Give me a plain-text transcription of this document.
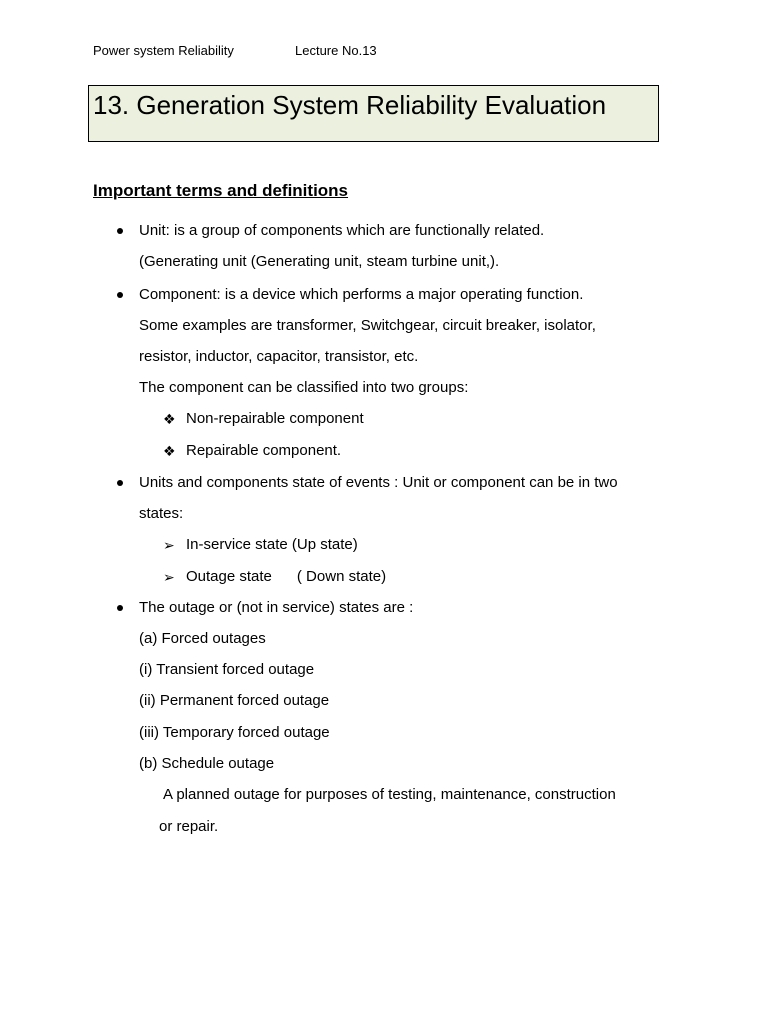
Power system Reliability	Lecture No.13
13. Generation System Reliability Evaluation
Important terms and definitions
Unit: is a group of components which are functionally related.
(Generating unit (Generating unit, steam turbine unit,).
Component: is a device which performs a major operating function.
Some examples are transformer, Switchgear, circuit breaker, isolator,
resistor, inductor, capacitor, transistor, etc.
The component can be classified into two groups:
❖ Non-repairable component
❖ Repairable component.
Units and components state of events : Unit or component can be in two
states:
➢ In-service state (Up state)
➢ Outage state      ( Down state)
The outage or (not in service) states are :
(a) Forced outages
(i) Transient forced outage
(ii) Permanent forced outage
(iii) Temporary forced outage
(b) Schedule outage
A planned outage for purposes of testing, maintenance, construction
or repair.
